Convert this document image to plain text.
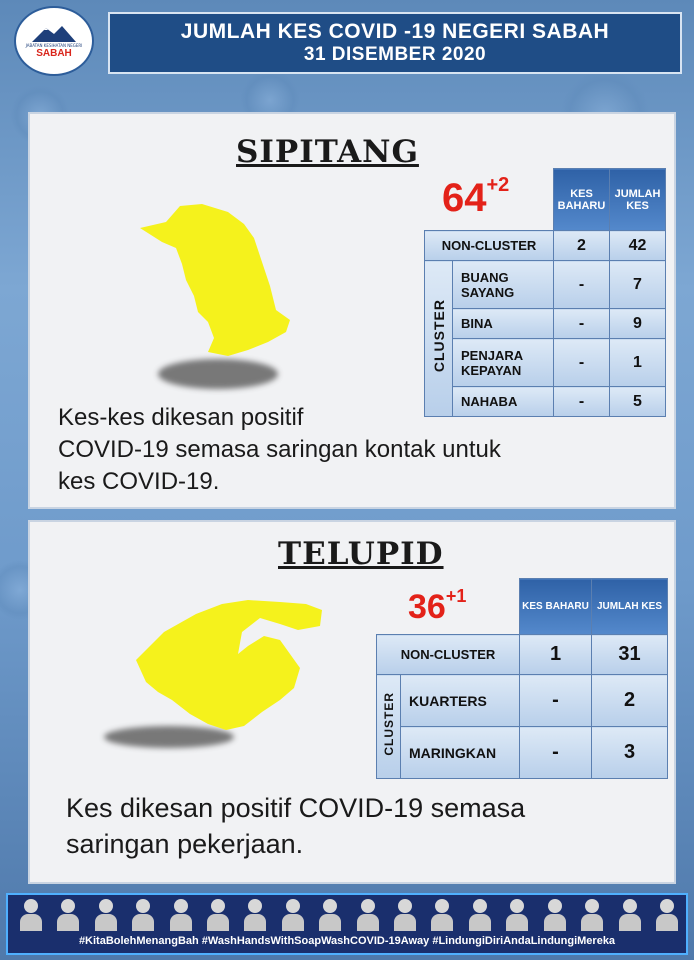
JABATAN KESIHATAN NEGERI
SABAH
JUMLAH KES COVID -19 NEGERI SABAH
31 DISEMBER 2020
SIPITANG
$64^{+2}$
		KES BAHARU	JUMLAH KES
NON-CLUSTER		2	42
CLUSTER	BUANG SAYANG	-	7
	BINA	-	9
	PENJARA KEPAYAN	-	1
	NAHABA	-	5
Kes-kes dikesan positif
COVID-19 semasa saringan kontak untuk
kes COVID-19.
TELUPID
$36^{+1}$
		KES BAHARU	JUMLAH KES
NON-CLUSTER		1	31
CLUSTER	KUARTERS	-	2
	MARINGKAN	-	3
Kes dikesan positif COVID-19 semasa
saringan pekerjaan.
#KitaBolehMenangBah #WashHandsWithSoapWashCOVID-19Away #LindungiDiriAndaLindungiMereka
